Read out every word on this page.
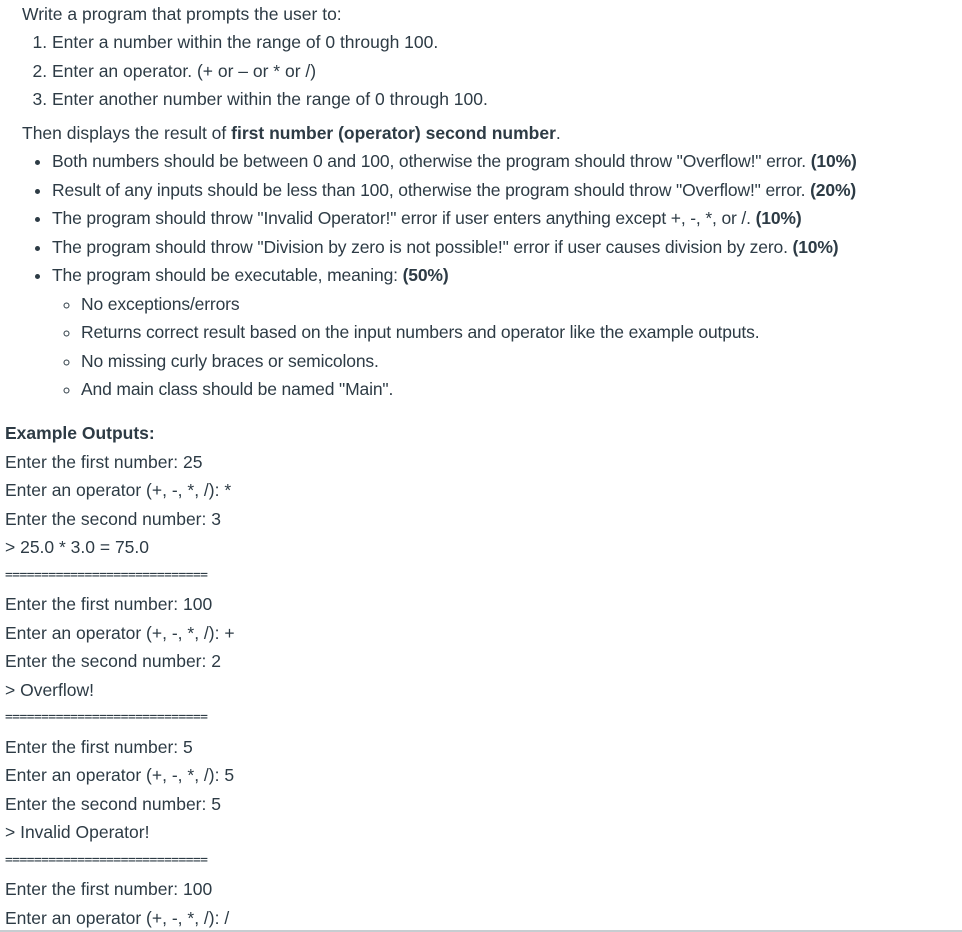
Write a program that prompts the user to:

1. Enter a number within the range of 0 through 100.
2. Enter an operator. (+ or – or * or /)
3. Enter another number within the range of 0 through 100.

Then displays the result of first number (operator) second number.

• Both numbers should be between 0 and 100, otherwise the program should throw "Overflow!" error. (10%)
• Result of any inputs should be less than 100, otherwise the program should throw "Overflow!" error. (20%)
• The program should throw "Invalid Operator!" error if user enters anything except +, -, *, or /. (10%)
• The program should throw "Division by zero is not possible!" error if user causes division by zero. (10%)
• The program should be executable, meaning: (50%)
◦ No exceptions/errors
◦ Returns correct result based on the input numbers and operator like the example outputs.
◦ No missing curly braces or semicolons.
◦ And main class should be named "Main".
Example Outputs:
Enter the first number: 25
Enter an operator (+, -, *, /): *
Enter the second number: 3
> 25.0 * 3.0 = 75.0
============================
Enter the first number: 100
Enter an operator (+, -, *, /): +
Enter the second number: 2
> Overflow!
============================
Enter the first number: 5
Enter an operator (+, -, *, /): 5
Enter the second number: 5
> Invalid Operator!
============================
Enter the first number: 100
Enter an operator (+, -, *, /): /
